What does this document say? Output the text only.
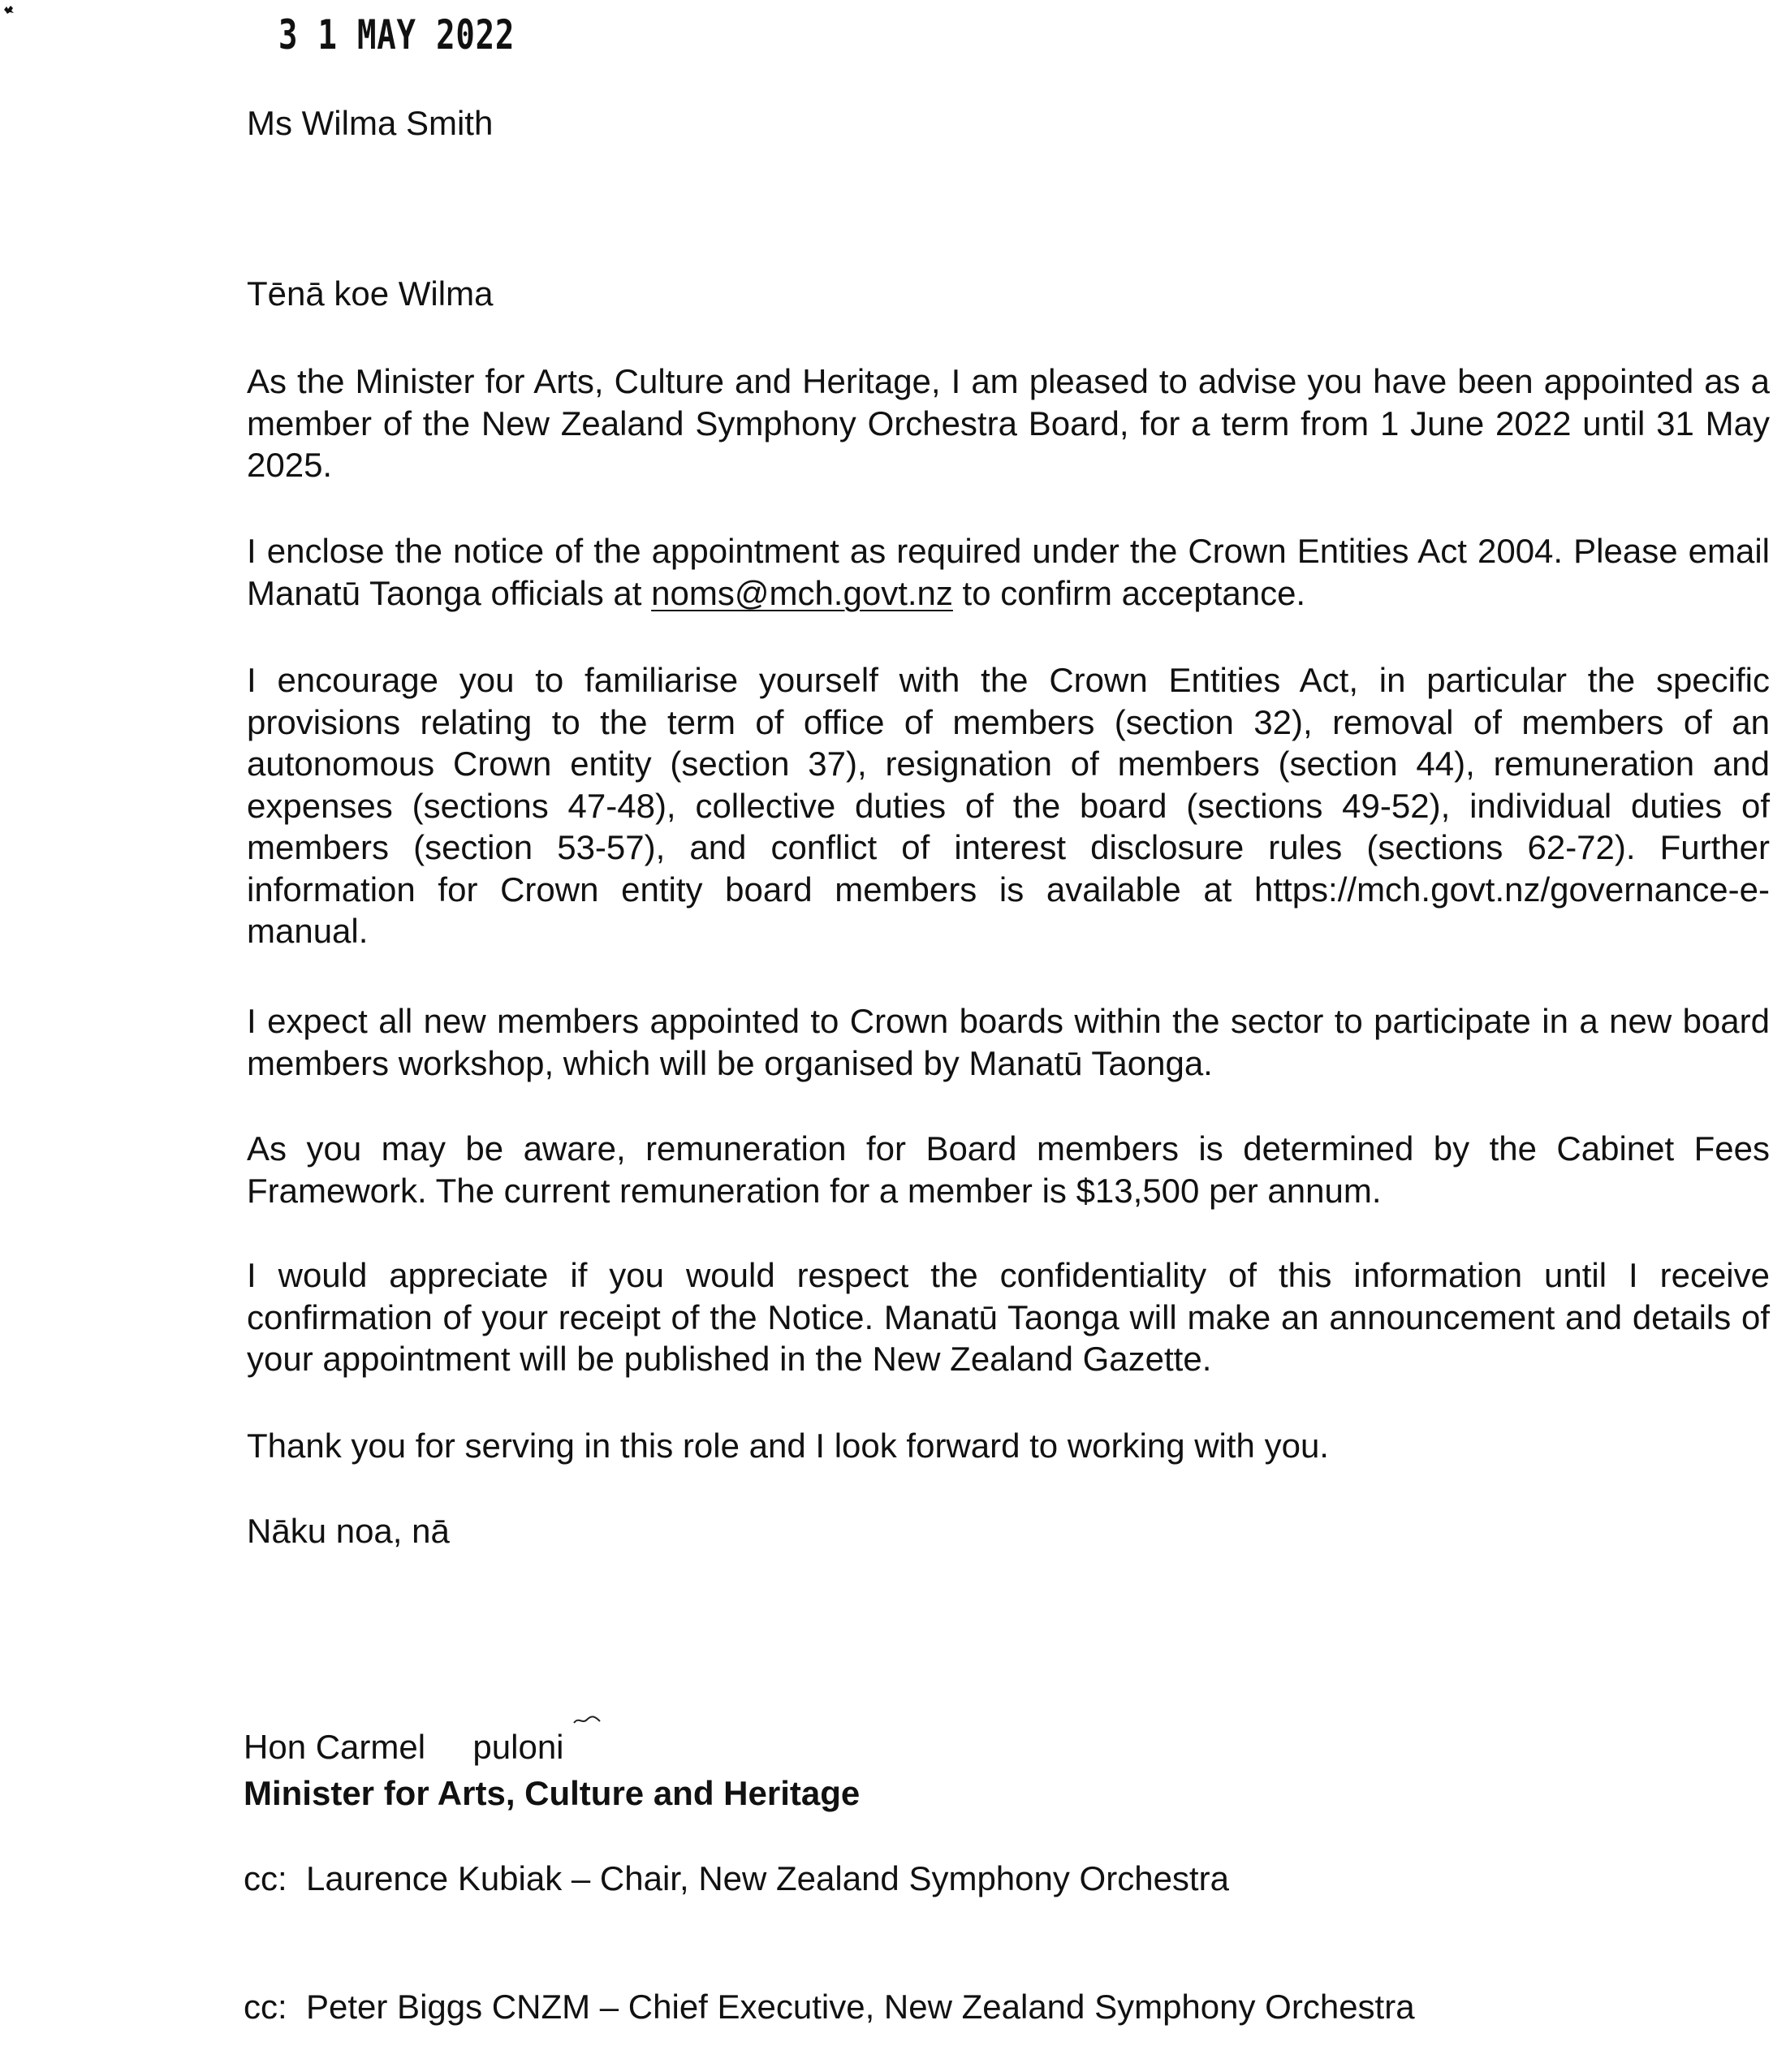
3 1 MAY 2022
Ms Wilma Smith
Tēnā koe Wilma

As the Minister for Arts, Culture and Heritage, I am pleased to advise you have been appointed as a member of the New Zealand Symphony Orchestra Board, for a term from 1 June 2022 until 31 May 2025.

I enclose the notice of the appointment as required under the Crown Entities Act 2004. Please email Manatū Taonga officials at noms@mch.govt.nz to confirm acceptance.

I encourage you to familiarise yourself with the Crown Entities Act, in particular the specific provisions relating to the term of office of members (section 32), removal of members of an autonomous Crown entity (section 37), resignation of members (section 44), remuneration and expenses (sections 47-48), collective duties of the board (sections 49-52), individual duties of members (section 53-57), and conflict of interest disclosure rules (sections 62-72). Further information for Crown entity board members is available at https://mch.govt.nz/governance-e-manual.

I expect all new members appointed to Crown boards within the sector to participate in a new board members workshop, which will be organised by Manatū Taonga.

As you may be aware, remuneration for Board members is determined by the Cabinet Fees Framework. The current remuneration for a member is $13,500 per annum.

I would appreciate if you would respect the confidentiality of this information until I receive confirmation of your receipt of the Notice. Manatū Taonga will make an announcement and details of your appointment will be published in the New Zealand Gazette.

Thank you for serving in this role and I look forward to working with you.

Nāku noa, nā

Hon Carmel     puloni
Minister for Arts, Culture and Heritage
cc:  Laurence Kubiak – Chair, New Zealand Symphony Orchestra
cc:  Peter Biggs CNZM – Chief Executive, New Zealand Symphony Orchestra
